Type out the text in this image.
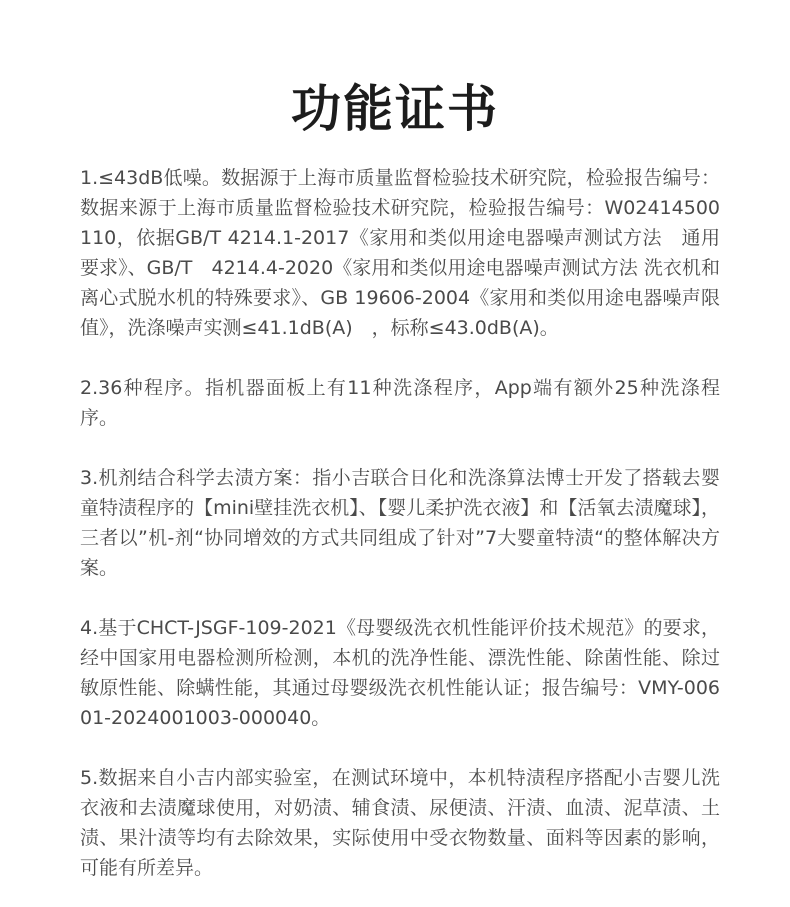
功能证书

1.≤43dB低噪。数据源于上海市质量监督检验技术研究院，检验报告编号：数据来源于上海市质量监督检验技术研究院，检验报告编号：W02414500110，依据GB/T 4214.1-2017《家用和类似用途电器噪声测试方法　通用要求》、GB/T　4214.4-2020《家用和类似用途电器噪声测试方法 洗衣机和离心式脱水机的特殊要求》、GB 19606-2004《家用和类似用途电器噪声限值》，洗涤噪声实测≤41.1dB(A)　，标称≤43.0dB(A)。

2.36种程序。指机器面板上有11种洗涤程序，App端有额外25种洗涤程序。

3.机剂结合科学去渍方案：指小吉联合日化和洗涤算法博士开发了搭载去婴童特渍程序的【mini壁挂洗衣机】、【婴儿柔护洗衣液】和【活氧去渍魔球】，三者以”机-剂“协同增效的方式共同组成了针对”7大婴童特渍“的整体解决方案。

4.基于CHCT-JSGF-109-2021《母婴级洗衣机性能评价技术规范》的要求，经中国家用电器检测所检测，本机的洗净性能、漂洗性能、除菌性能、除过敏原性能、除螨性能，其通过母婴级洗衣机性能认证；报告编号：VMY-00601-2024001003-000040。

5.数据来自小吉内部实验室，在测试环境中，本机特渍程序搭配小吉婴儿洗衣液和去渍魔球使用，对奶渍、辅食渍、尿便渍、汗渍、血渍、泥草渍、土渍、果汁渍等均有去除效果，实际使用中受衣物数量、面料等因素的影响，可能有所差异。
